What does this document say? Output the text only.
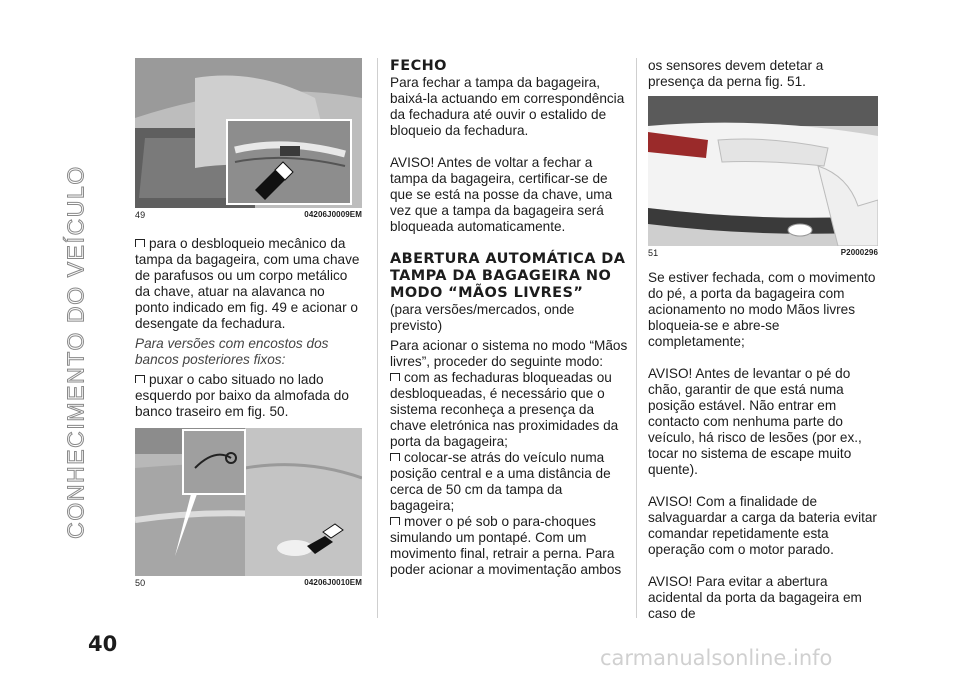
CONHECIMENTO DO VEÍCULO	49	04206J0009EM

para o desbloqueio mecânico da tampa da bagageira, com uma chave de parafusos ou um corpo metálico da chave, atuar na alavanca no ponto indicado em fig. 49 e acionar o desengate da fechadura.

Para versões com encostos dos bancos posteriores fixos:

puxar o cabo situado no lado esquerdo por baixo da almofada do banco traseiro em fig. 50.

50	04206J0010EM
FECHO

Para fechar a tampa da bagageira, baixá-la actuando em correspondência da fechadura até ouvir o estalido de bloqueio da fechadura.

AVISO! Antes de voltar a fechar a tampa da bagageira, certificar-se de que se está na posse da chave, uma vez que a tampa da bagageira será bloqueada automaticamente.

ABERTURA AUTOMÁTICA DA TAMPA DA BAGAGEIRA NO MODO “MÃOS LIVRES”

(para versões/mercados, onde previsto)

Para acionar o sistema no modo “Mãos livres”, proceder do seguinte modo:

com as fechaduras bloqueadas ou desbloqueadas, é necessário que o sistema reconheça a presença da chave eletrónica nas proximidades da porta da bagageira;

colocar-se atrás do veículo numa posição central e a uma distância de cerca de 50 cm da tampa da bagageira;

mover o pé sob o para-choques simulando um pontapé. Com um movimento final, retrair a perna. Para poder acionar a movimentação ambos

os sensores devem detetar a presença da perna fig. 51.

51	P2000296

Se estiver fechada, com o movimento do pé, a porta da bagageira com acionamento no modo Mãos livres bloqueia-se e abre-se completamente;

AVISO! Antes de levantar o pé do chão, garantir de que está numa posição estável. Não entrar em contacto com nenhuma parte do veículo, há risco de lesões (por ex., tocar no sistema de escape muito quente).

AVISO! Com a finalidade de salvaguardar a carga da bateria evitar comandar repetidamente esta operação com o motor parado.

AVISO! Para evitar a abertura acidental da porta da bagageira em caso de

40
carmanualsonline.info
